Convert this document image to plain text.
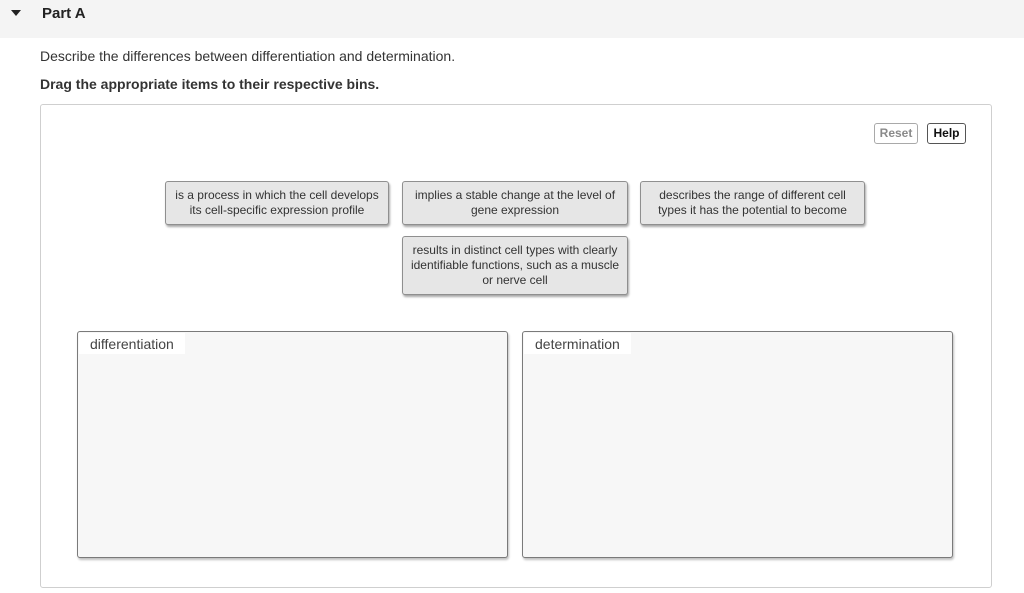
Part A
Describe the differences between differentiation and determination.
Drag the appropriate items to their respective bins.
Reset	Help
is a process in which the cell develops its cell-specific expression profile
implies a stable change at the level of gene expression
describes the range of different cell types it has the potential to become
results in distinct cell types with clearly identifiable functions, such as a muscle or nerve cell
differentiation	determination
